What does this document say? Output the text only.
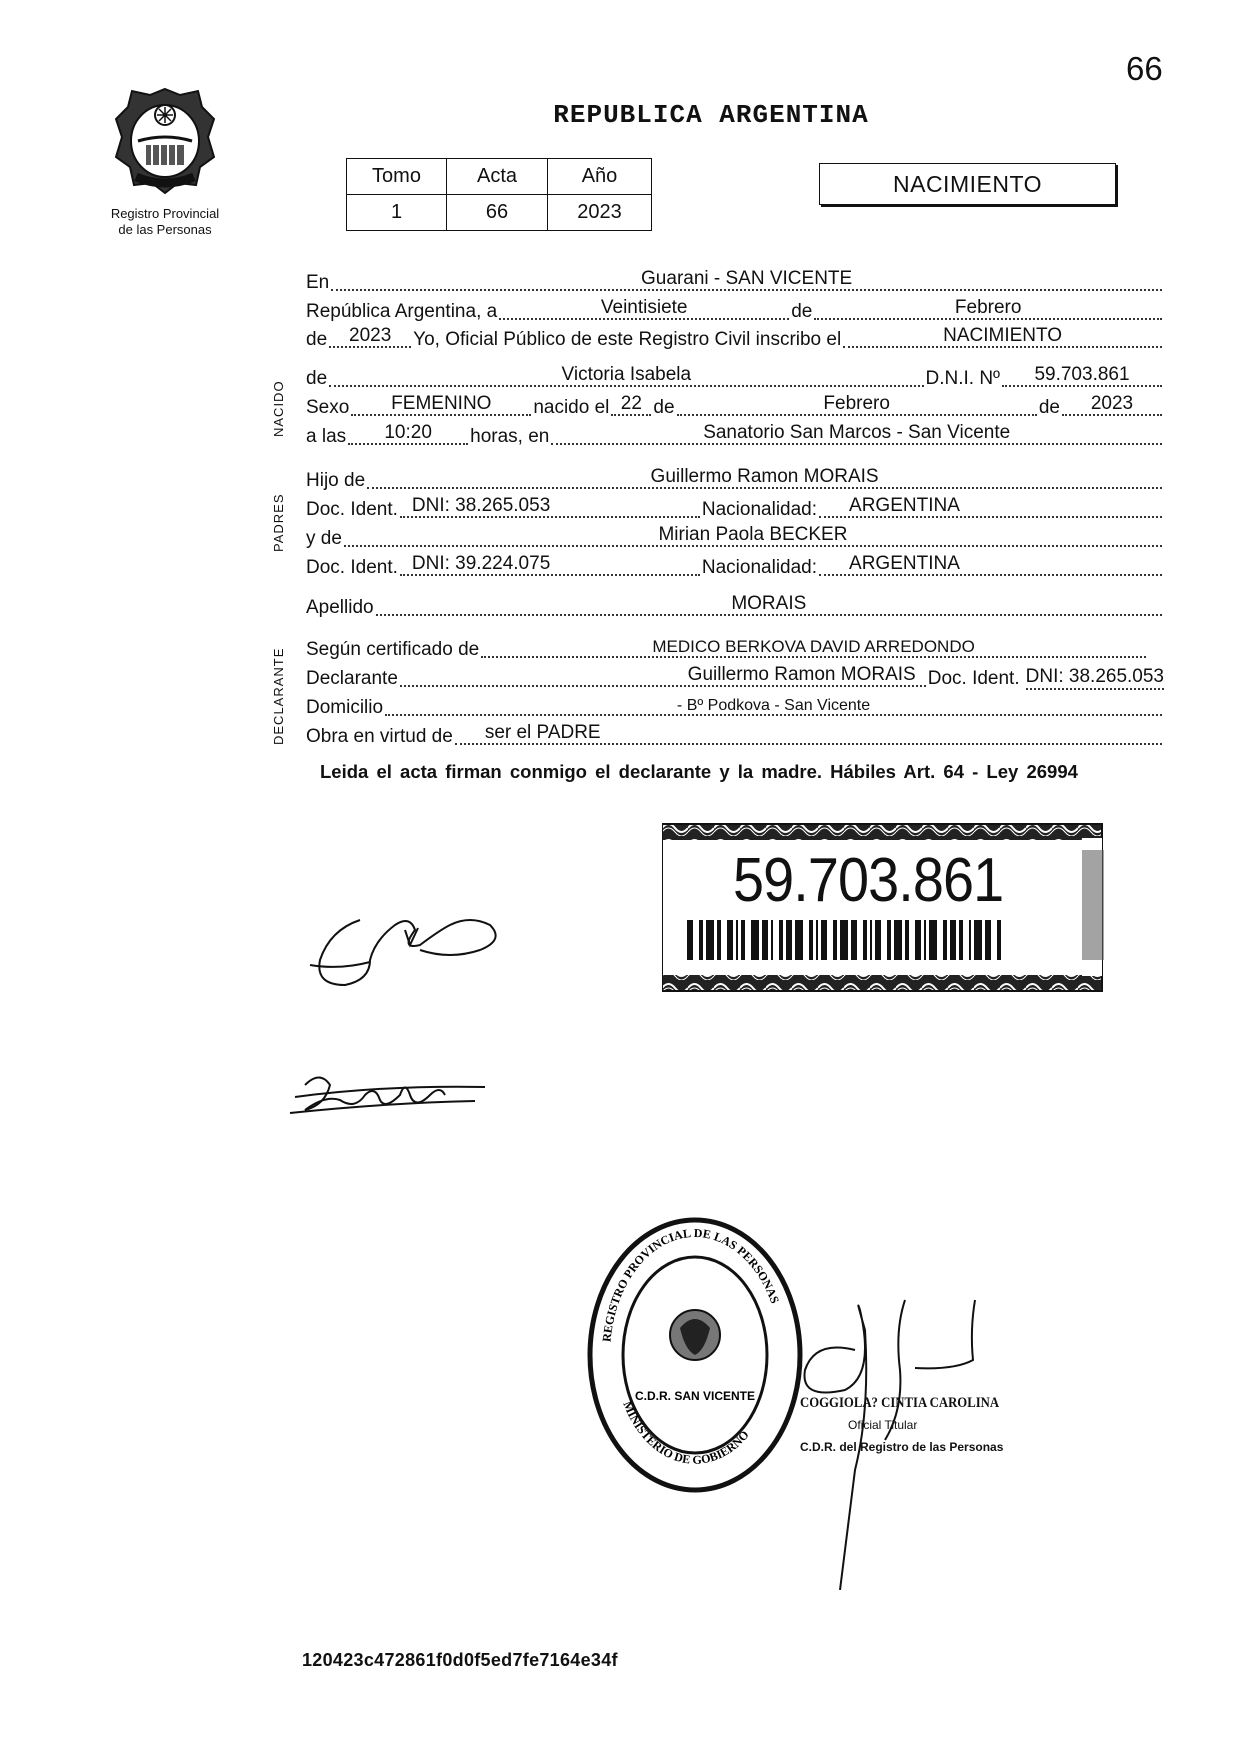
66
REPUBLICA ARGENTINA
Registro Provincial
de las Personas
Tomo	Acta	Año
1	66	2023
NACIMIENTO
NACIDO
PADRES
DECLARANTE
En	Guarani - SAN VICENTE
República Argentina, a	Veintisiete	de	Febrero
de	2023	Yo, Oficial Público de este Registro Civil inscribo el	NACIMIENTO
de	Victoria Isabela	D.N.I. Nº	59.703.861
Sexo	FEMENINO	nacido el 22 de	Febrero	de	2023
a las	10:20	horas, en	Sanatorio San Marcos - San Vicente
Hijo de	Guillermo Ramon MORAIS
Doc. Ident. DNI: 38.265.053	Nacionalidad:	ARGENTINA
y de	Mirian Paola BECKER
Doc. Ident. DNI: 39.224.075	Nacionalidad:	ARGENTINA
Apellido	MORAIS
Según certificado de	MEDICO BERKOVA DAVID ARREDONDO
Declarante	Guillermo Ramon MORAIS Doc. Ident. DNI: 38.265.053
Domicilio	- Bº Podkova - San Vicente
Obra en virtud de	ser el PADRE
Leida el acta firman conmigo el declarante y la madre. Hábiles Art. 64 - Ley 26994
59.703.861
REGISTRO PROVINCIAL DE LAS PERSONAS
MINISTERIO DE GOBIERNO
C.D.R. SAN VICENTE	COGGIOLA? CINTIA CAROLINA
Oficial Titular
C.D.R. del Registro de las Personas
120423c472861f0d0f5ed7fe7164e34f
